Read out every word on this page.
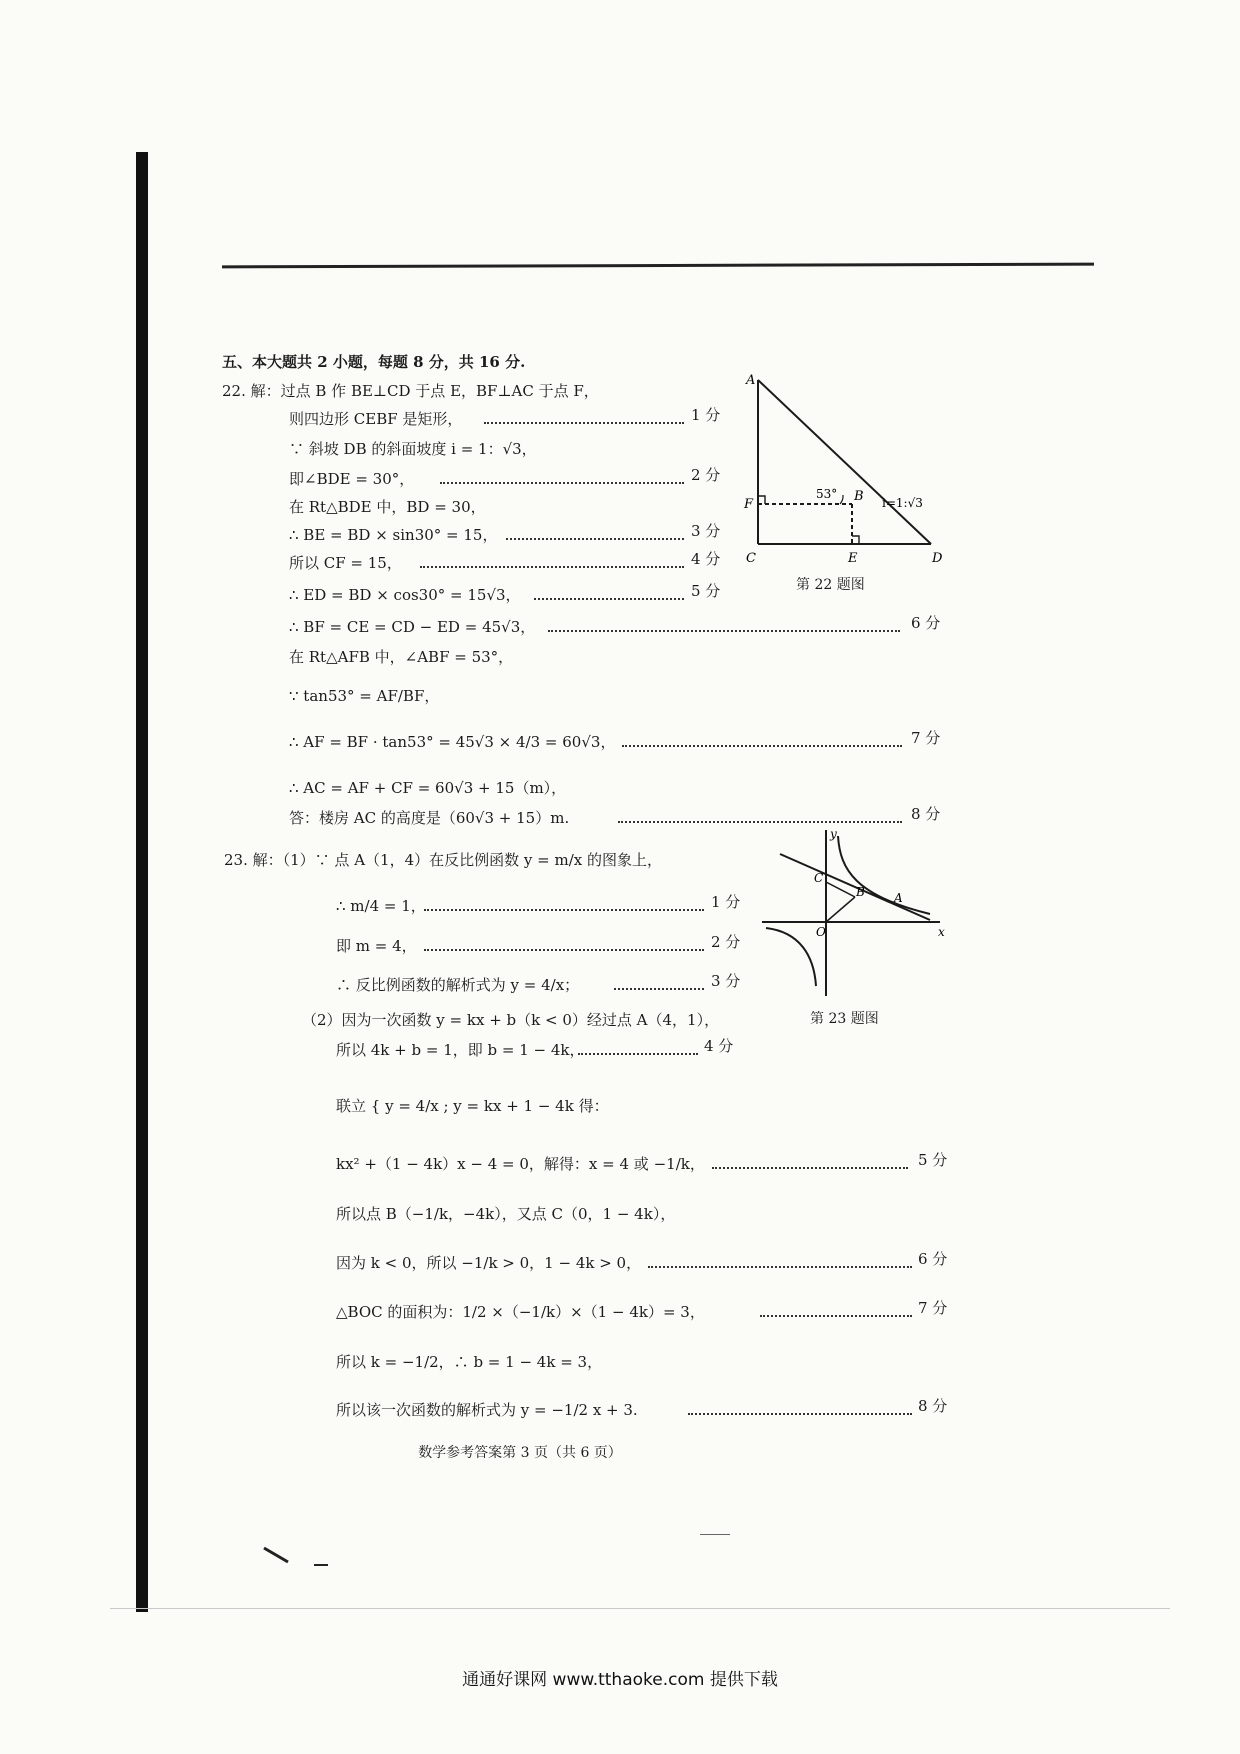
五、本大题共 2 小题，每题 8 分，共 16 分.
22. 解：过点 B 作 BE⊥CD 于点 E，BF⊥AC 于点 F，
则四边形 CEBF 是矩形，	1 分
∵ 斜坡 DB 的斜面坡度 i = 1：√3，
即∠BDE = 30°，	2 分
在 Rt△BDE 中，BD = 30，
∴ BE = BD × sin30° = 15，	3 分
所以 CF = 15，	4 分
∴ ED = BD × cos30° = 15√3，	5 分
∴ BF = CE = CD − ED = 45√3，	6 分
在 Rt△AFB 中，∠ABF = 53°，
∵ tan53° = AF/BF，
∴ AF = BF · tan53° = 45√3 × 4/3 = 60√3，	7 分
∴ AC = AF + CF = 60√3 + 15（m），
答：楼房 AC 的高度是（60√3 + 15）m.	8 分
A
B
C	D
E
F
53°
i=1:√3
第 22 题图
23. 解：（1）∵ 点 A（1，4）在反比例函数 y = m/x 的图象上，
∴ m/4 = 1，	1 分
即 m = 4，	2 分
∴ 反比例函数的解析式为 y = 4/x；	3 分
（2）因为一次函数 y = kx + b（k < 0）经过点 A（4，1），
所以 4k + b = 1，即 b = 1 − 4k，	4 分
联立 { y = 4/x ; y = kx + 1 − 4k 得：
kx² +（1 − 4k）x − 4 = 0，解得：x = 4 或 −1/k，	5 分
所以点 B（−1/k，−4k），又点 C（0，1 − 4k），
因为 k < 0，所以 −1/k > 0，1 − 4k > 0，	6 分
△BOC 的面积为：1/2 ×（−1/k）×（1 − 4k）= 3，	7 分
所以 k = −1/2，∴ b = 1 − 4k = 3，
所以该一次函数的解析式为 y = −1/2 x + 3.	8 分
y
x
O
A
B
C
第 23 题图
数学参考答案第 3 页（共 6 页）
通通好课网 www.tthaoke.com 提供下载
